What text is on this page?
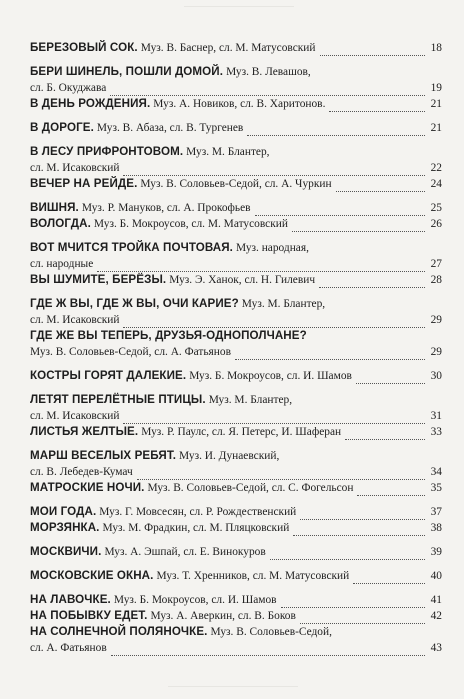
БЕРЕЗОВЫЙ СОК. Муз. В. Баснер, сл. М. Матусовский	18
БЕРИ ШИНЕЛЬ, ПОШЛИ ДОМОЙ. Муз. В. Левашов,
сл. Б. Окуджава	19
В ДЕНЬ РОЖДЕНИЯ. Муз. А. Новиков, сл. В. Харитонов.	21
В ДОРОГЕ. Муз. В. Абаза, сл. В. Тургенев	21
В ЛЕСУ ПРИФРОНТОВОМ. Муз. М. Блантер,
сл. М. Исаковский	22
ВЕЧЕР НА РЕЙДЕ. Муз. В. Соловьев-Седой, сл. А. Чуркин	24
ВИШНЯ. Муз. Р. Мануков, сл. А. Прокофьев	25
ВОЛОГДА. Муз. Б. Мокроусов, сл. М. Матусовский	26
ВОТ МЧИТСЯ ТРОЙКА ПОЧТОВАЯ. Муз. народная,
сл. народные	27
ВЫ ШУМИТЕ, БЕРЁЗЫ. Муз. Э. Ханок, сл. Н. Гилевич	28
ГДЕ Ж ВЫ, ГДЕ Ж ВЫ, ОЧИ КАРИЕ? Муз. М. Блантер,
сл. М. Исаковский	29
ГДЕ ЖЕ ВЫ ТЕПЕРЬ, ДРУЗЬЯ-ОДНОПОЛЧАНЕ?
Муз. В. Соловьев-Седой, сл. А. Фатьянов	29
КОСТРЫ ГОРЯТ ДАЛЕКИЕ. Муз. Б. Мокроусов, сл. И. Шамов	30
ЛЕТЯТ ПЕРЕЛЁТНЫЕ ПТИЦЫ. Муз. М. Блантер,
сл. М. Исаковский	31
ЛИСТЬЯ ЖЕЛТЫЕ. Муз. Р. Паулс, сл. Я. Петерс, И. Шаферан	33
МАРШ ВЕСЕЛЫХ РЕБЯТ. Муз. И. Дунаевский,
сл. В. Лебедев-Кумач	34
МАТРОСКИЕ НОЧИ. Муз. В. Соловьев-Седой, сл. С. Фогельсон	35
МОИ ГОДА. Муз. Г. Мовсесян, сл. Р. Рождественский	37
МОРЗЯНКА. Муз. М. Фрадкин, сл. М. Пляцковский	38
МОСКВИЧИ. Муз. А. Эшпай, сл. Е. Винокуров	39
МОСКОВСКИЕ ОКНА. Муз. Т. Хренников, сл. М. Матусовский	40
НА ЛАВОЧКЕ. Муз. Б. Мокроусов, сл. И. Шамов	41
НА ПОБЫВКУ ЕДЕТ. Муз. А. Аверкин, сл. В. Боков	42
НА СОЛНЕЧНОЙ ПОЛЯНОЧКЕ. Муз. В. Соловьев-Седой,
сл. А. Фатьянов	43
